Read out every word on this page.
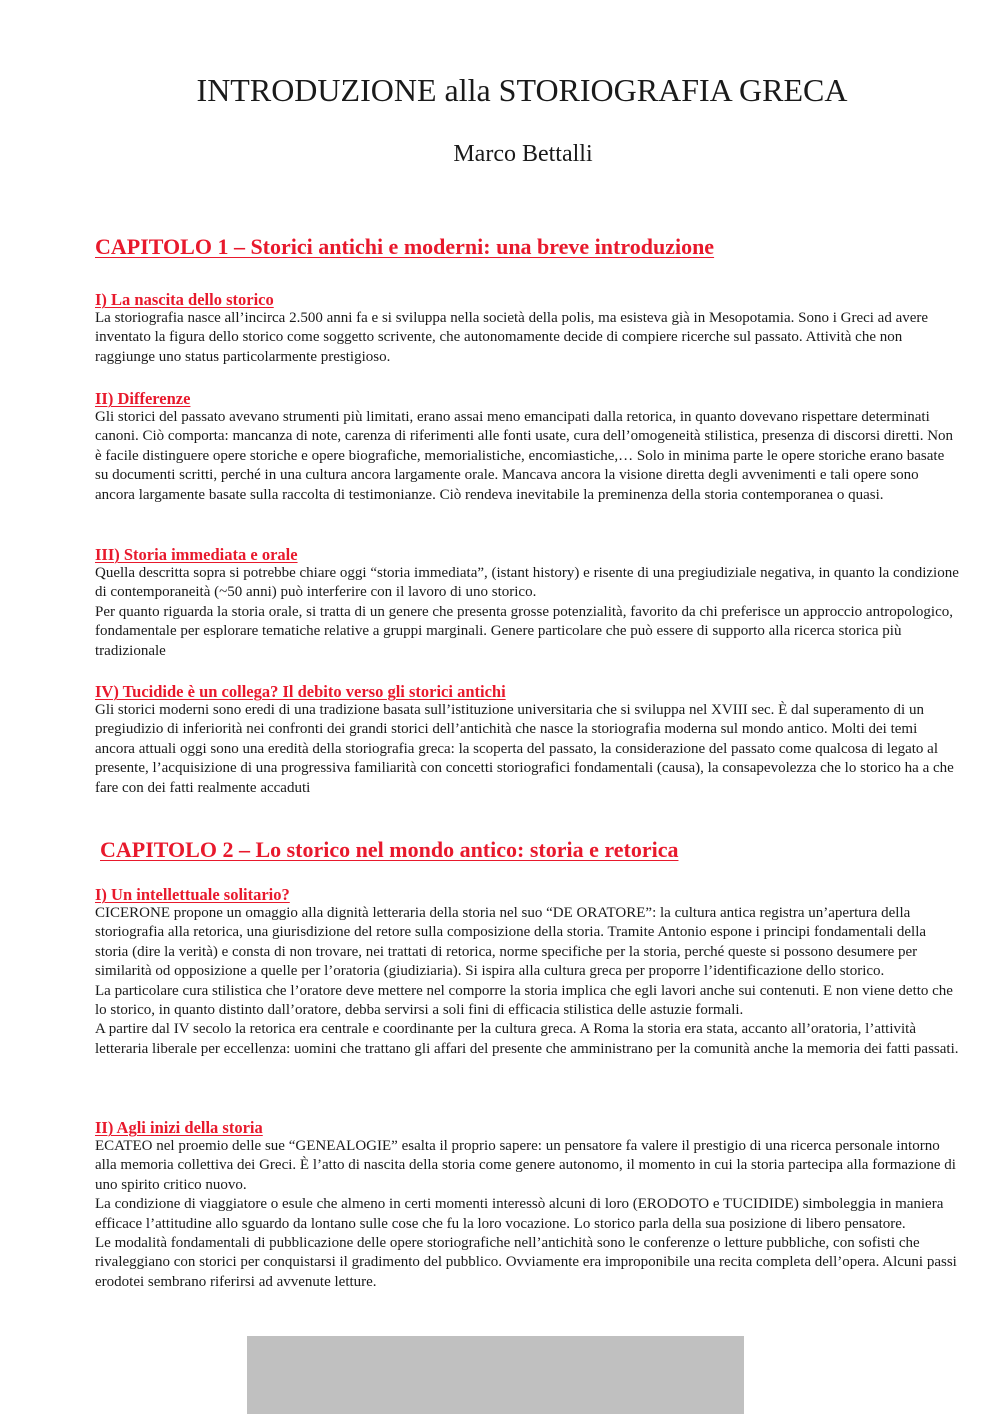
INTRODUZIONE alla STORIOGRAFIA GRECA
Marco Bettalli
CAPITOLO 1 – Storici antichi e moderni: una breve introduzione
I) La nascita dello storico

La storiografia nasce all’incirca 2.500 anni fa e si sviluppa nella società della polis, ma esisteva già in Mesopotamia. Sono i Greci ad avere inventato la figura dello storico come soggetto scrivente, che autonomamente decide di compiere ricerche sul passato. Attività che non raggiunge uno status particolarmente prestigioso.

II) Differenze

Gli storici del passato avevano strumenti più limitati, erano assai meno emancipati dalla retorica, in quanto dovevano rispettare determinati canoni. Ciò comporta: mancanza di note, carenza di riferimenti alle fonti usate, cura dell’omogeneità stilistica, presenza di discorsi diretti. Non è facile distinguere opere storiche e opere biografiche, memorialistiche, encomiastiche,… Solo in minima parte le opere storiche erano basate su documenti scritti, perché in una cultura ancora largamente orale. Mancava ancora la visione diretta degli avvenimenti e tali opere sono ancora largamente basate sulla raccolta di testimonianze. Ciò rendeva inevitabile la preminenza della storia contemporanea o quasi.

III) Storia immediata e orale

Quella descritta sopra si potrebbe chiare oggi “storia immediata”, (istant history) e risente di una pregiudiziale negativa, in quanto la condizione di contemporaneità (~50 anni) può interferire con il lavoro di uno storico.

Per quanto riguarda la storia orale, si tratta di un genere che presenta grosse potenzialità, favorito da chi preferisce un approccio antropologico, fondamentale per esplorare tematiche relative a gruppi marginali. Genere particolare che può essere di supporto alla ricerca storica più tradizionale

IV) Tucidide è un collega? Il debito verso gli storici antichi

Gli storici moderni sono eredi di una tradizione basata sull’istituzione universitaria che si sviluppa nel XVIII sec. È dal superamento di un pregiudizio di inferiorità nei confronti dei grandi storici dell’antichità che nasce la storiografia moderna sul mondo antico. Molti dei temi ancora attuali oggi sono una eredità della storiografia greca: la scoperta del passato, la considerazione del passato come qualcosa di legato al presente, l’acquisizione di una progressiva familiarità con concetti storiografici fondamentali (causa), la consapevolezza che lo storico ha a che fare con dei fatti realmente accaduti

CAPITOLO 2 – Lo storico nel mondo antico: storia e retorica
I) Un intellettuale solitario?

CICERONE propone un omaggio alla dignità letteraria della storia nel suo “DE ORATORE”: la cultura antica registra un’apertura della storiografia alla retorica, una giurisdizione del retore sulla composizione della storia. Tramite Antonio espone i principi fondamentali della storia (dire la verità) e consta di non trovare, nei trattati di retorica, norme specifiche per la storia, perché queste si possono desumere per similarità od opposizione a quelle per l’oratoria (giudiziaria). Si ispira alla cultura greca per proporre l’identificazione dello storico.

La particolare cura stilistica che l’oratore deve mettere nel comporre la storia implica che egli lavori anche sui contenuti. E non viene detto che lo storico, in quanto distinto dall’oratore, debba servirsi a soli fini di efficacia stilistica delle astuzie formali.

A partire dal IV secolo la retorica era centrale e coordinante per la cultura greca. A Roma la storia era stata, accanto all’oratoria, l’attività letteraria liberale per eccellenza: uomini che trattano gli affari del presente che amministrano per la comunità anche la memoria dei fatti passati.

II) Agli inizi della storia

ECATEO nel proemio delle sue “GENEALOGIE” esalta il proprio sapere: un pensatore fa valere il prestigio di una ricerca personale intorno alla memoria collettiva dei Greci. È l’atto di nascita della storia come genere autonomo, il momento in cui la storia partecipa alla formazione di uno spirito critico nuovo.

La condizione di viaggiatore o esule che almeno in certi momenti interessò alcuni di loro (ERODOTO e TUCIDIDE) simboleggia in maniera efficace l’attitudine allo sguardo da lontano sulle cose che fu la loro vocazione. Lo storico parla della sua posizione di libero pensatore.

Le modalità fondamentali di pubblicazione delle opere storiografiche nell’antichità sono le conferenze o letture pubbliche, con sofisti che rivaleggiano con storici per conquistarsi il gradimento del pubblico. Ovviamente era improponibile una recita completa dell’opera. Alcuni passi erodotei sembrano riferirsi ad avvenute letture.
